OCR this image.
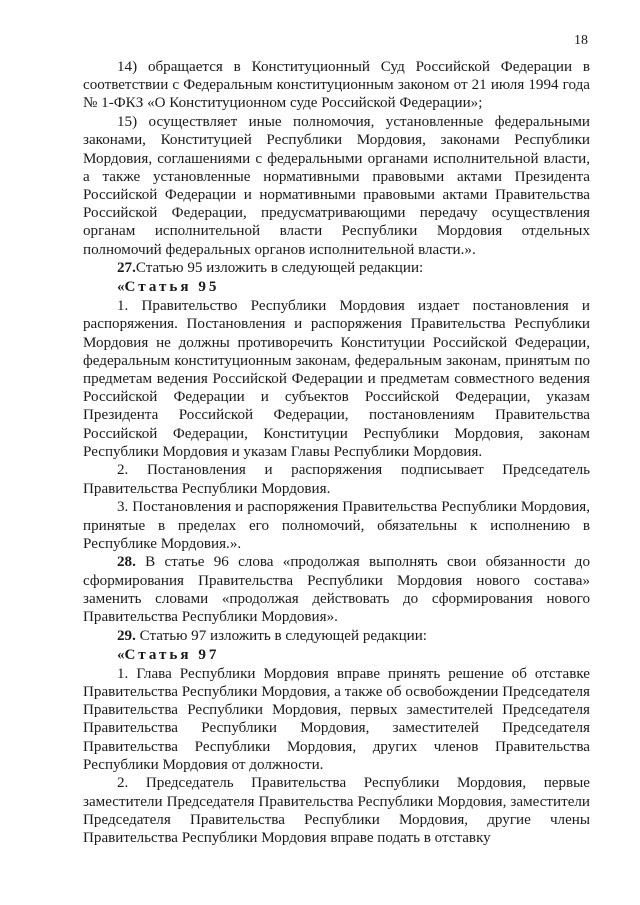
18

14) обращается в Конституционный Суд Российской Федерации в соответствии с Федеральным конституционным законом от 21 июля 1994 года № 1-ФКЗ «О Конституционном суде Российской Федерации»;

15) осуществляет иные полномочия, установленные федеральными законами, Конституцией Республики Мордовия, законами Республики Мордовия, соглашениями с федеральными органами исполнительной власти, а также установленные нормативными правовыми актами Президента Российской Федерации и нормативными правовыми актами Правительства Российской Федерации, предусматривающими передачу осуществления органам исполнительной власти Республики Мордовия отдельных полномочий федеральных органов исполнительной власти.».

27.Статью 95 изложить в следующей редакции:

«Статья 95

1. Правительство Республики Мордовия издает постановления и распоряжения. Постановления и распоряжения Правительства Республики Мордовия не должны противоречить Конституции Российской Федерации, федеральным конституционным законам, федеральным законам, принятым по предметам ведения Российской Федерации и предметам совместного ведения Российской Федерации и субъектов Российской Федерации, указам Президента Российской Федерации, постановлениям Правительства Российской Федерации, Конституции Республики Мордовия, законам Республики Мордовия и указам Главы Республики Мордовия.

2. Постановления и распоряжения подписывает Председатель Правительства Республики Мордовия.

3. Постановления и распоряжения Правительства Республики Мордовия, принятые в пределах его полномочий, обязательны к исполнению в Республике Мордовия.».

28. В статье 96 слова «продолжая выполнять свои обязанности до сформирования Правительства Республики Мордовия нового состава» заменить словами «продолжая действовать до сформирования нового Правительства Республики Мордовия».

29. Статью 97 изложить в следующей редакции:

«Статья 97

1. Глава Республики Мордовия вправе принять решение об отставке Правительства Республики Мордовия, а также об освобождении Председателя Правительства Республики Мордовия, первых заместителей Председателя Правительства Республики Мордовия, заместителей Председателя Правительства Республики Мордовия, других членов Правительства Республики Мордовия от должности.

2. Председатель Правительства Республики Мордовия, первые заместители Председателя Правительства Республики Мордовия, заместители Председателя Правительства Республики Мордовия, другие члены Правительства Республики Мордовия вправе подать в отставку
